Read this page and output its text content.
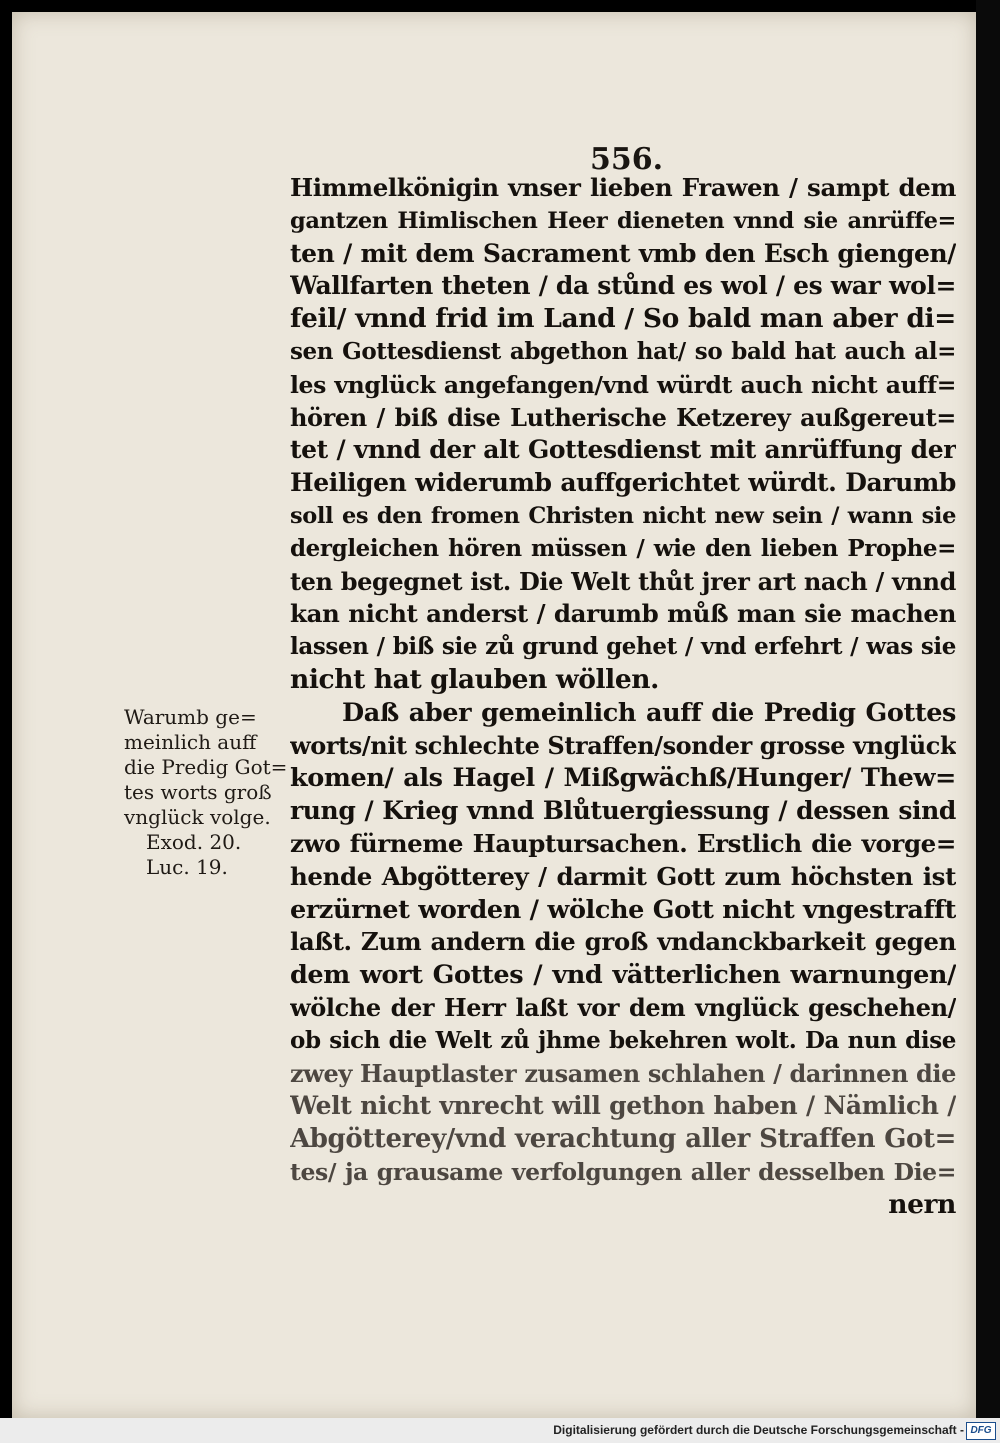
556.
Himmelkönigin vnser lieben Frawen / sampt dem
gantzen Himlischen Heer dieneten vnnd sie anrüffe=
ten / mit dem Sacrament vmb den Esch giengen/
Wallfarten theten / da stůnd es wol / es war wol=
feil/ vnnd frid im Land / So bald man aber di=
sen Gottesdienst abgethon hat/ so bald hat auch al=
les vnglück angefangen/vnd würdt auch nicht auff=
hören / biß dise Lutherische Ketzerey außgereut=
tet / vnnd der alt Gottesdienst mit anrüffung der
Heiligen widerumb auffgerichtet würdt. Darumb
soll es den fromen Christen nicht new sein / wann sie
dergleichen hören müssen / wie den lieben Prophe=
ten begegnet ist. Die Welt thůt jrer art nach / vnnd
kan nicht anderst / darumb můß man sie machen
lassen / biß sie zů grund gehet / vnd erfehrt / was sie
nicht hat glauben wöllen.
Daß aber gemeinlich auff die Predig Gottes
worts/nit schlechte Straffen/sonder grosse vnglück
komen/ als Hagel / Mißgwächß/Hunger/ Thew=
rung / Krieg vnnd Blůtuergiessung / dessen sind
zwo fürneme Hauptursachen. Erstlich die vorge=
hende Abgötterey / darmit Gott zum höchsten ist
erzürnet worden / wölche Gott nicht vngestrafft
laßt. Zum andern die groß vndanckbarkeit gegen
dem wort Gottes / vnd vätterlichen warnungen/
wölche der Herr laßt vor dem vnglück geschehen/
ob sich die Welt zů jhme bekehren wolt. Da nun dise
zwey Hauptlaster zusamen schlahen / darinnen die
Welt nicht vnrecht will gethon haben / Nämlich /
Abgötterey/vnd verachtung aller Straffen Got=
tes/ ja grausame verfolgungen aller desselben Die=
nern
Warumb ge=
meinlich auff
die Predig Got=
tes worts groß
vnglück volge.
Exod. 20.
Luc. 19.
Digitalisierung gefördert durch die Deutsche Forschungsgemeinschaft - DFG
